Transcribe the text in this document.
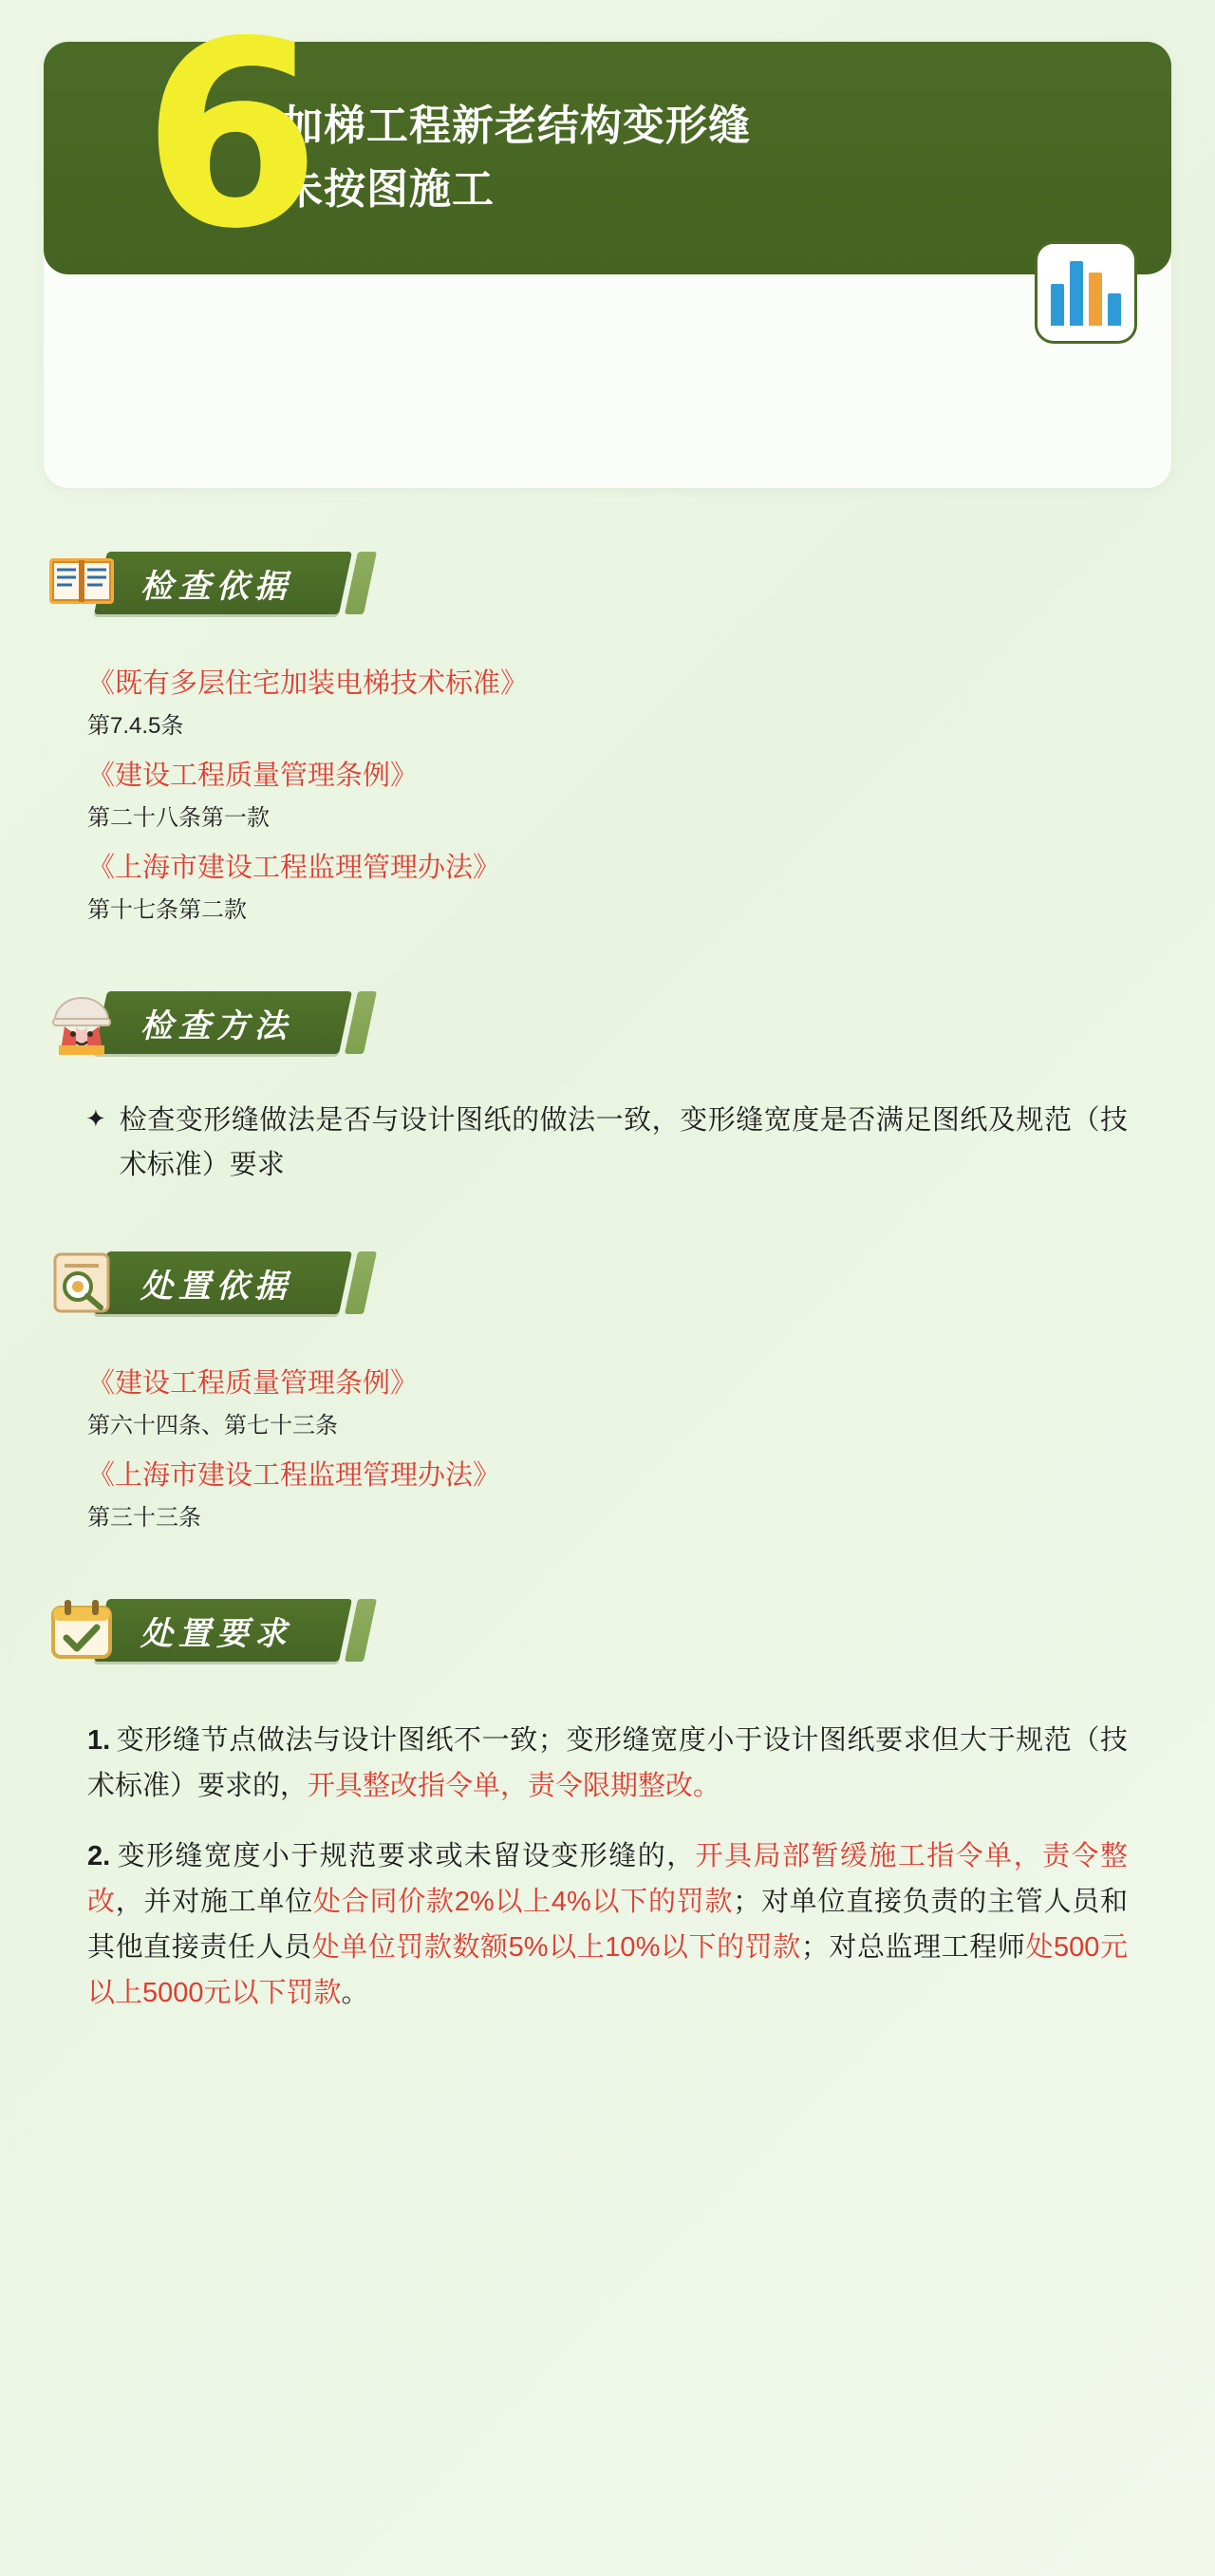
6
加梯工程新老结构变形缝
未按图施工
检查依据
《既有多层住宅加装电梯技术标准》
第7.4.5条
《建设工程质量管理条例》
第二十八条第一款
《上海市建设工程监理管理办法》
第十七条第二款
检查方法
✦ 检查变形缝做法是否与设计图纸的做法一致，变形缝宽度是否满足图纸及规范（技术标准）要求
处置依据
《建设工程质量管理条例》
第六十四条、第七十三条
《上海市建设工程监理管理办法》
第三十三条
处置要求
1. 变形缝节点做法与设计图纸不一致；变形缝宽度小于设计图纸要求但大于规范（技术标准）要求的，开具整改指令单，责令限期整改。
2. 变形缝宽度小于规范要求或未留设变形缝的，开具局部暂缓施工指令单，责令整改，并对施工单位处合同价款2%以上4%以下的罚款；对单位直接负责的主管人员和其他直接责任人员处单位罚款数额5%以上10%以下的罚款；对总监理工程师处500元以上5000元以下罚款。
